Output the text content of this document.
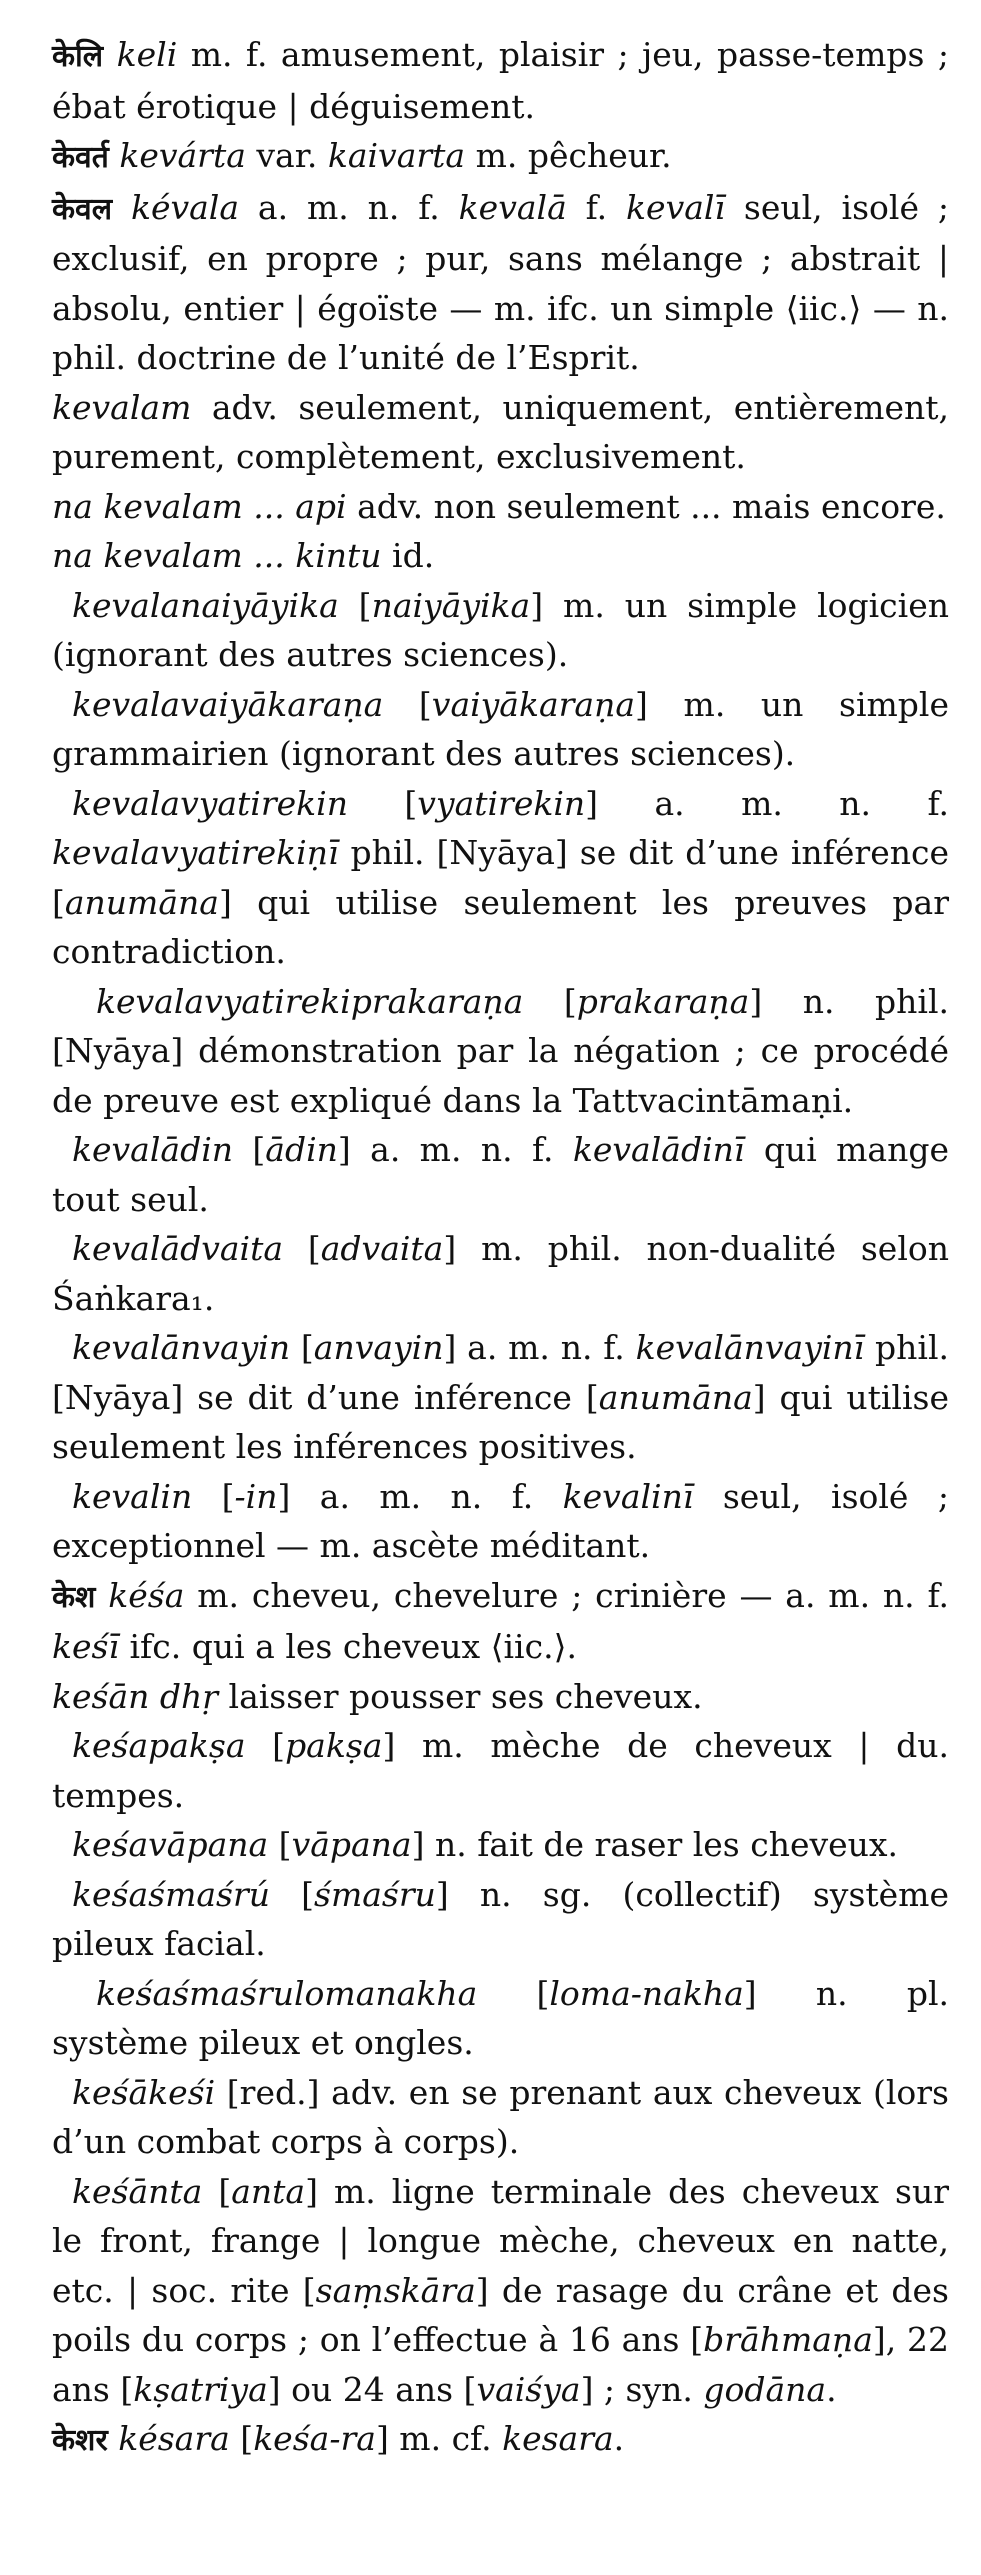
केलि keli m. f. amusement, plaisir ; jeu, passe-temps ; ébat érotique | déguisement.

केवर्त kevárta var. kaivarta m. pêcheur.

केवल kévala a. m. n. f. kevalā f. kevalī seul, isolé ; exclusif, en propre ; pur, sans mélange ; abstrait | absolu, entier | égoïste — m. ifc. un simple ⟨iic.⟩ — n. phil. doctrine de l’unité de l’Esprit.

kevalam adv. seulement, uniquement, entièrement, purement, complètement, exclusivement.

na kevalam ... api adv. non seulement ... mais encore.

na kevalam ... kintu id.

kevalanaiyāyika [naiyāyika] m. un simple logicien (ignorant des autres sciences).

kevalavaiyākaraṇa [vaiyākaraṇa] m. un simple grammairien (ignorant des autres sciences).

kevalavyatirekin [vyatirekin] a. m. n. f. kevalavyatirekiṇī phil. [Nyāya] se dit d’une inférence [anumāna] qui utilise seulement les preuves par contradiction.

kevalavyatirekiprakaraṇa [prakaraṇa] n. phil. [Nyāya] démonstration par la négation ; ce procédé de preuve est expliqué dans la Tattvacintāmaṇi.

kevalādin [ādin] a. m. n. f. kevalādinī qui mange tout seul.

kevalādvaita [advaita] m. phil. non-dualité selon Śaṅkara₁.

kevalānvayin [anvayin] a. m. n. f. kevalānvayinī phil. [Nyāya] se dit d’une inférence [anumāna] qui utilise seulement les inférences positives.

kevalin [-in] a. m. n. f. kevalinī seul, isolé ; exceptionnel — m. ascète méditant.

केश kéśa m. cheveu, chevelure ; crinière — a. m. n. f. keśī ifc. qui a les cheveux ⟨iic.⟩.

keśān dhṛ laisser pousser ses cheveux.

keśapakṣa [pakṣa] m. mèche de cheveux | du. tempes.

keśavāpana [vāpana] n. fait de raser les cheveux.

keśaśmaśrú [śmaśru] n. sg. (collectif) système pileux facial.

keśaśmaśrulomanakha [loma-nakha] n. pl. système pileux et ongles.

keśākeśi [red.] adv. en se prenant aux cheveux (lors d’un combat corps à corps).

keśānta [anta] m. ligne terminale des cheveux sur le front, frange | longue mèche, cheveux en natte, etc. | soc. rite [saṃskāra] de rasage du crâne et des poils du corps ; on l’effectue à 16 ans [brāhmaṇa], 22 ans [kṣatriya] ou 24 ans [vaiśya] ; syn. godāna.

केशर késara [keśa-ra] m. cf. kesara.
